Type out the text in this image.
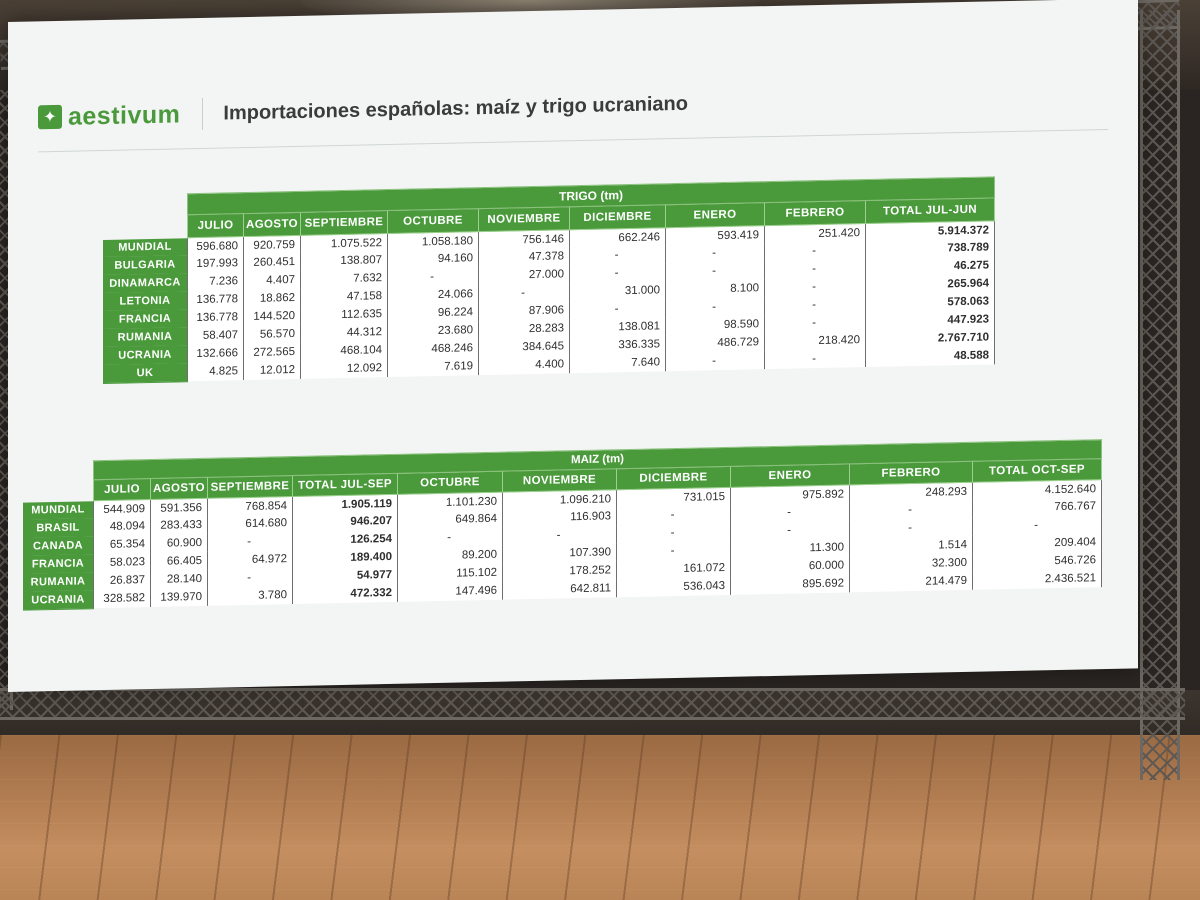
✦ aestivum Importaciones españolas: maíz y trigo ucraniano
	TRIGO (tm)								
	JULIO	AGOSTO	SEPTIEMBRE	OCTUBRE	NOVIEMBRE	DICIEMBRE	ENERO	FEBRERO	TOTAL JUL-JUN
MUNDIAL	596.680	920.759	1.075.522	1.058.180	756.146	662.246	593.419	251.420	5.914.372
BULGARIA	197.993	260.451	138.807	94.160	47.378	-	-	-	738.789
DINAMARCA	7.236	4.407	7.632	-	27.000	-	-	-	46.275
LETONIA	136.778	18.862	47.158	24.066	-	31.000	8.100	-	265.964
FRANCIA	136.778	144.520	112.635	96.224	87.906	-	-	-	578.063
RUMANIA	58.407	56.570	44.312	23.680	28.283	138.081	98.590	-	447.923
UCRANIA	132.666	272.565	468.104	468.246	384.645	336.335	486.729	218.420	2.767.710
UK	4.825	12.012	12.092	7.619	4.400	7.640	-	-	48.588
	MAIZ (tm)									
	JULIO	AGOSTO	SEPTIEMBRE	TOTAL JUL-SEP	OCTUBRE	NOVIEMBRE	DICIEMBRE	ENERO	FEBRERO	TOTAL OCT-SEP
MUNDIAL	544.909	591.356	768.854	1.905.119	1.101.230	1.096.210	731.015	975.892	248.293	4.152.640
BRASIL	48.094	283.433	614.680	946.207	649.864	116.903	-	-	-	766.767
CANADA	65.354	60.900	-	126.254	-	-	-	-	-	-
FRANCIA	58.023	66.405	64.972	189.400	89.200	107.390	-	11.300	1.514	209.404
RUMANIA	26.837	28.140	-	54.977	115.102	178.252	161.072	60.000	32.300	546.726
UCRANIA	328.582	139.970	3.780	472.332	147.496	642.811	536.043	895.692	214.479	2.436.521
